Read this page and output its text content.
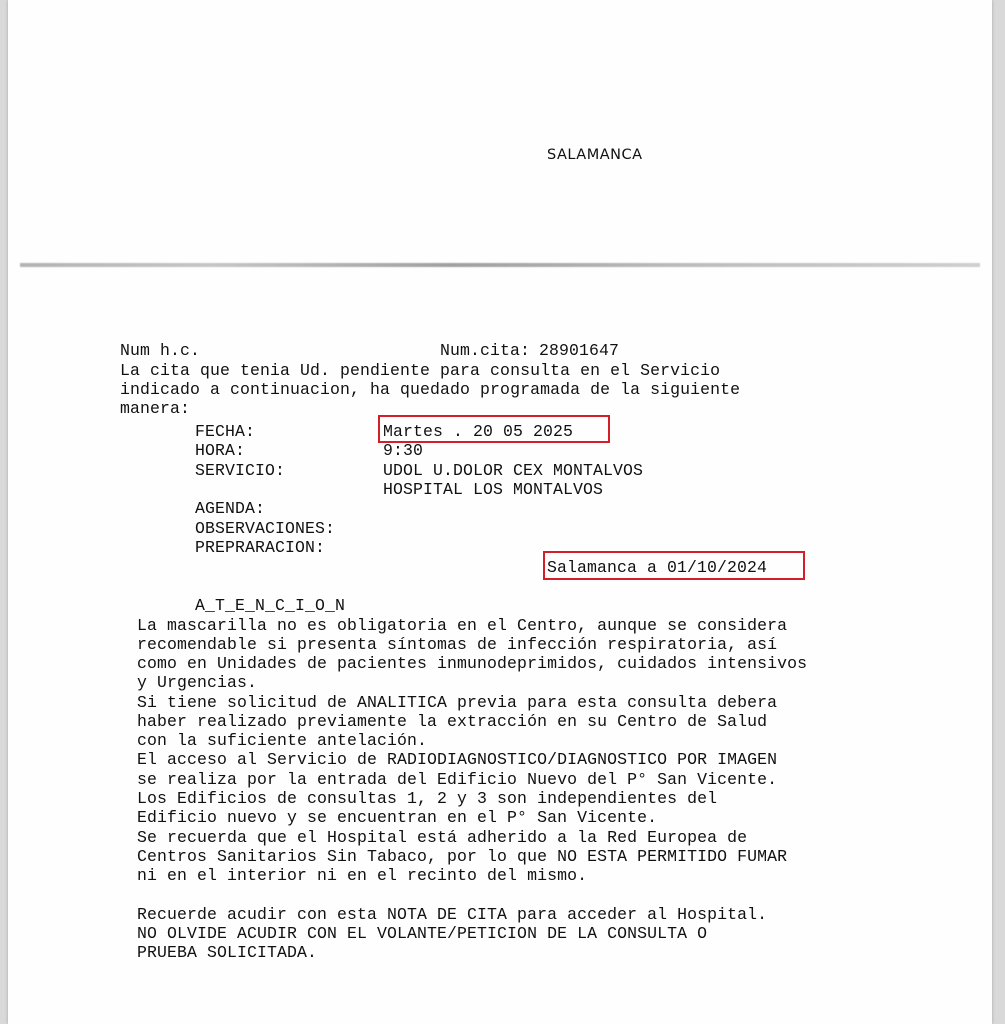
SALAMANCA
Num h.c.	Num.cita: 28901647
La cita que tenia Ud. pendiente para consulta en el Servicio
indicado a continuacion, ha quedado programada de la siguiente
manera:
FECHA:	Martes . 20 05 2025
HORA:	9:30
SERVICIO:	UDOL U.DOLOR CEX MONTALVOS
HOSPITAL LOS MONTALVOS
AGENDA:
OBSERVACIONES:
PREPRARACION:
Salamanca a 01/10/2024
A_T_E_N_C_I_O_N
La mascarilla no es obligatoria en el Centro, aunque se considera
recomendable si presenta síntomas de infección respiratoria, así
como en Unidades de pacientes inmunodeprimidos, cuidados intensivos
y Urgencias.
Si tiene solicitud de ANALITICA previa para esta consulta debera
haber realizado previamente la extracción en su Centro de Salud
con la suficiente antelación.
El acceso al Servicio de RADIODIAGNOSTICO/DIAGNOSTICO POR IMAGEN
se realiza por la entrada del Edificio Nuevo del P° San Vicente.
Los Edificios de consultas 1, 2 y 3 son independientes del
Edificio nuevo y se encuentran en el P° San Vicente.
Se recuerda que el Hospital está adherido a la Red Europea de
Centros Sanitarios Sin Tabaco, por lo que NO ESTA PERMITIDO FUMAR
ni en el interior ni en el recinto del mismo.
Recuerde acudir con esta NOTA DE CITA para acceder al Hospital.
NO OLVIDE ACUDIR CON EL VOLANTE/PETICION DE LA CONSULTA O
PRUEBA SOLICITADA.
